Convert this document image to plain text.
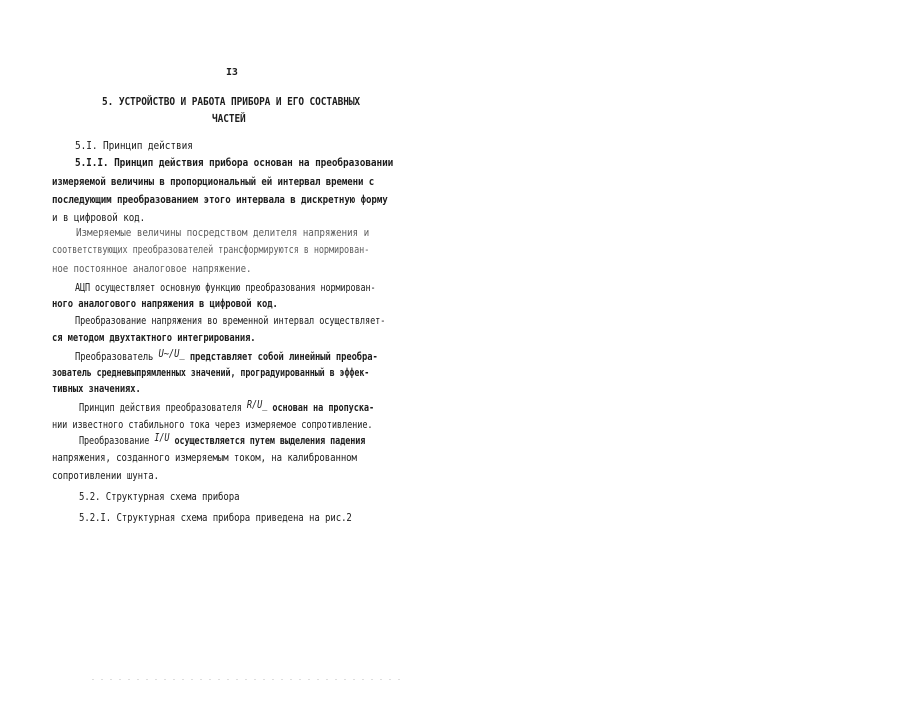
I3
5. УСТРОЙСТВО И РАБОТА ПРИБОРА И ЕГО СОСТАВНЫХ
ЧАСТЕЙ
5.I. Принцип действия
5.I.I. Принцип действия прибора основан на преобразовании
измеряемой величины в пропорциональный ей интервал времени с
последующим преобразованием этого интервала в дискретную форму
и в цифровой код.
Измеряемые величины посредством делителя напряжения и
соответствующих преобразователей трансформируются в нормирован-
ное постоянное аналоговое напряжение.
АЦП осуществляет основную функцию преобразования нормирован-
ного аналогового напряжения в цифровой код.
Преобразование напряжения во временной интервал осуществляет-
ся методом двухтактного интегрирования.
Преобразователь U~/U_ представляет собой линейный преобра-
зователь средневыпрямленных значений, проградуированный в эффек-
тивных значениях.
Принцип действия преобразователя R/U_ основан на пропуска-
нии известного стабильного тока через измеряемое сопротивление.
Преобразование I/U осуществляется путем выделения падения
напряжения, созданного измеряемым током, на калиброванном
сопротивлении шунта.
5.2. Структурная схема прибора
5.2.I. Структурная схема прибора приведена на рис.2
